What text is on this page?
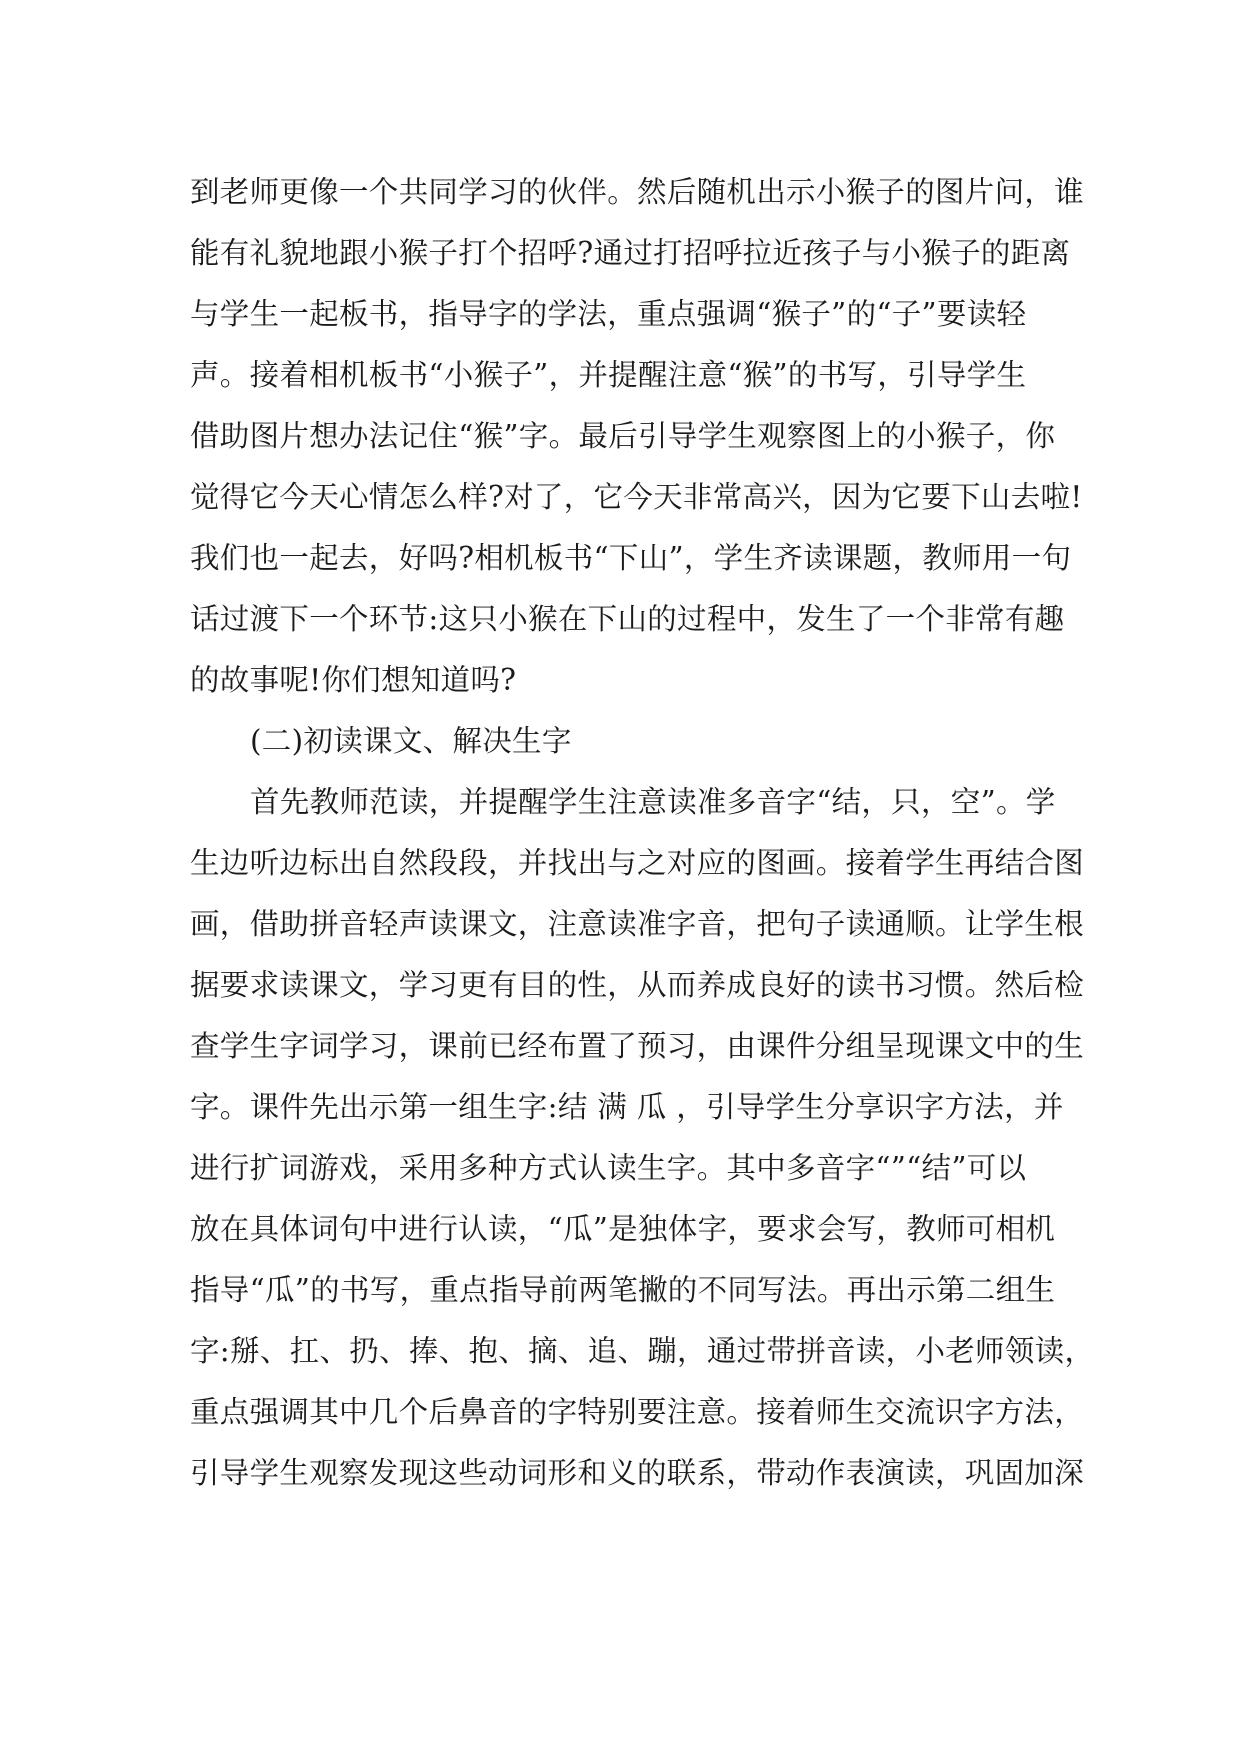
到老师更像一个共同学习的伙伴。然后随机出示小猴子的图片问，谁
能有礼貌地跟小猴子打个招呼?通过打招呼拉近孩子与小猴子的距离
与学生一起板书，指导字的学法，重点强调“猴子”的“子”要读轻
声。接着相机板书“小猴子”，并提醒注意“猴”的书写，引导学生
借助图片想办法记住“猴”字。最后引导学生观察图上的小猴子，你
觉得它今天心情怎么样?对了，它今天非常高兴，因为它要下山去啦!
我们也一起去，好吗?相机板书“下山”，学生齐读课题，教师用一句
话过渡下一个环节:这只小猴在下山的过程中，发生了一个非常有趣
的故事呢!你们想知道吗?
(二)初读课文、解决生字
首先教师范读，并提醒学生注意读准多音字“结，只，空”。学
生边听边标出自然段段，并找出与之对应的图画。接着学生再结合图
画，借助拼音轻声读课文，注意读准字音，把句子读通顺。让学生根
据要求读课文，学习更有目的性，从而养成良好的读书习惯。然后检
查学生字词学习，课前已经布置了预习，由课件分组呈现课文中的生
字。课件先出示第一组生字:结 满 瓜 ，引导学生分享识字方法，并
进行扩词游戏，采用多种方式认读生字。其中多音字“”“结”可以
放在具体词句中进行认读，“瓜”是独体字，要求会写，教师可相机
指导“瓜”的书写，重点指导前两笔撇的不同写法。再出示第二组生
字:掰、扛、扔、捧、抱、摘、追、蹦，通过带拼音读，小老师领读，
重点强调其中几个后鼻音的字特别要注意。接着师生交流识字方法，
引导学生观察发现这些动词形和义的联系，带动作表演读，巩固加深
